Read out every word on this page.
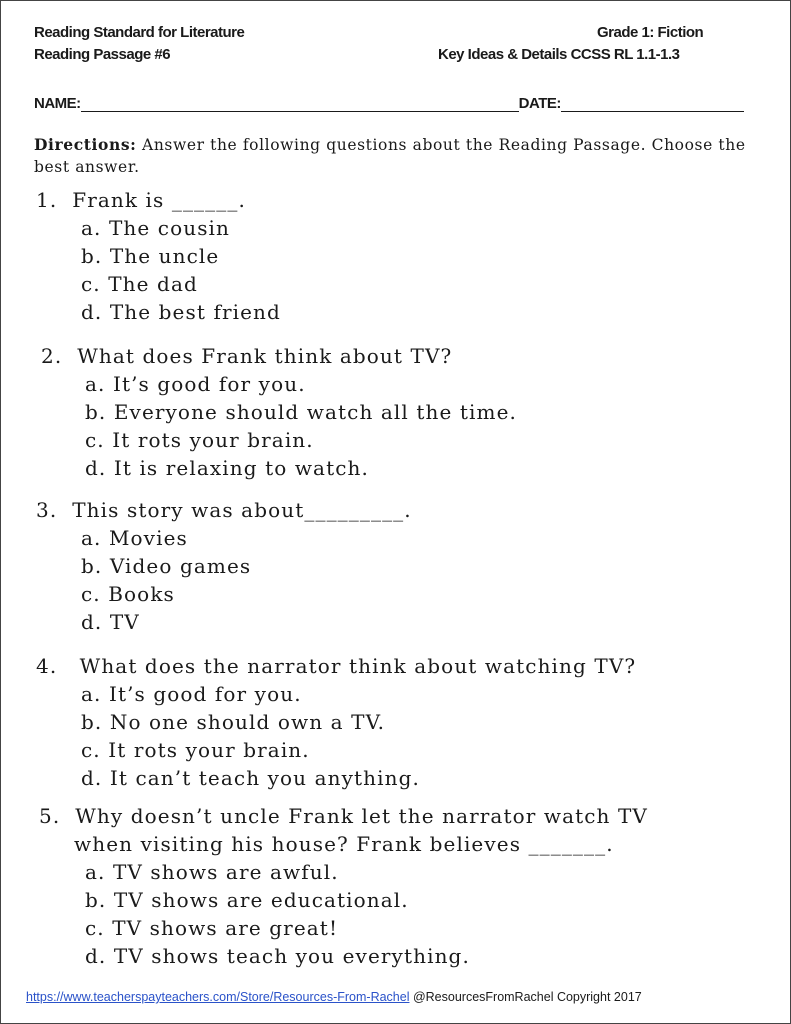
Reading Standard for Literature
Reading Passage #6
Grade 1: Fiction
Key Ideas & Details CCSS RL 1.1-1.3
NAME:	DATE:
Directions: Answer the following questions about the Reading Passage. Choose the best answer.
1. Frank is ______.
a. The cousin
b. The uncle
c. The dad
d. The best friend
2. What does Frank think about TV?
a. It’s good for you.
b. Everyone should watch all the time.
c. It rots your brain.
d. It is relaxing to watch.
3. This story was about_________.
a. Movies
b. Video games
c. Books
d. TV
4. What does the narrator think about watching TV?
a. It’s good for you.
b. No one should own a TV.
c. It rots your brain.
d. It can’t teach you anything.
5. Why doesn’t uncle Frank let the narrator watch TV
when visiting his house? Frank believes _______.
a. TV shows are awful.
b. TV shows are educational.
c. TV shows are great!
d. TV shows teach you everything.
https://www.teacherspayteachers.com/Store/Resources-From-Rachel @ResourcesFromRachel Copyright 2017
